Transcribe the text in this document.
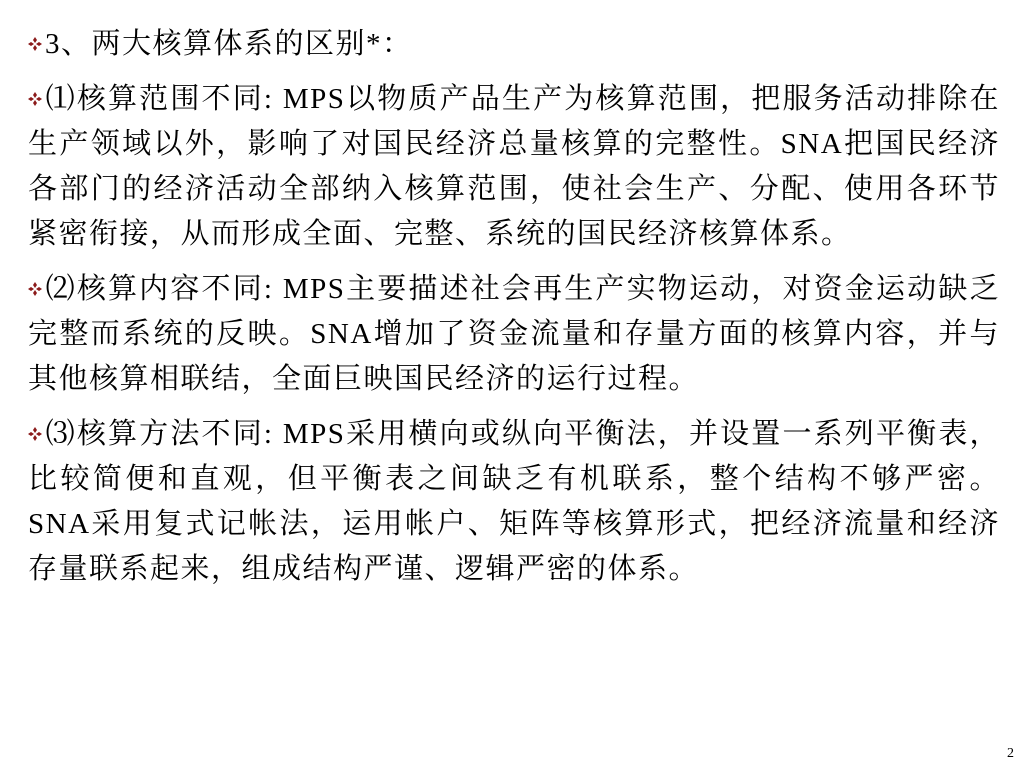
3、两大核算体系的区别*：

⑴核算范围不同: MPS以物质产品生产为核算范围，把服务活动排除在生产领域以外，影响了对国民经济总量核算的完整性。SNA把国民经济各部门的经济活动全部纳入核算范围，使社会生产、分配、使用各环节紧密衔接，从而形成全面、完整、系统的国民经济核算体系。

⑵核算内容不同: MPS主要描述社会再生产实物运动，对资金运动缺乏完整而系统的反映。SNA增加了资金流量和存量方面的核算内容，并与其他核算相联结，全面巨映国民经济的运行过程。

⑶核算方法不同: MPS采用横向或纵向平衡法，并设置一系列平衡表，比较简便和直观，但平衡表之间缺乏有机联系，整个结构不够严密。SNA采用复式记帐法，运用帐户、矩阵等核算形式，把经济流量和经济存量联系起来，组成结构严谨、逻辑严密的体系。

2
